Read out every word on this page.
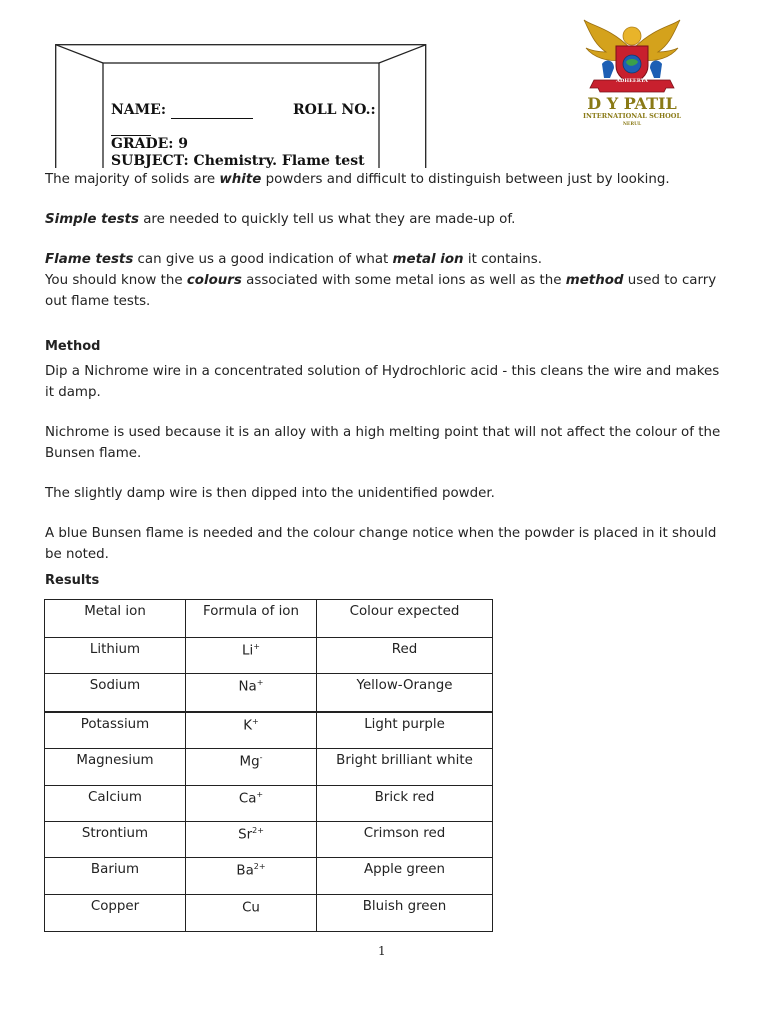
NAME:	ROLL NO.:

GRADE: 9
SUBJECT: Chemistry. Flame test
ADHEERYA
D Y PATIL
INTERNATIONAL SCHOOL
NERUL
The majority of solids are white powders and difficult to distinguish between just by looking.
Simple tests are needed to quickly tell us what they are made-up of.
Flame tests can give us a good indication of what metal ion it contains.
You should know the colours associated with some metal ions as well as the method used to carry out flame tests.
Method
Dip a Nichrome wire in a concentrated solution of Hydrochloric acid - this cleans the wire and makes it damp.
Nichrome is used because it is an alloy with a high melting point that will not affect the colour of the Bunsen flame.
The slightly damp wire is then dipped into the unidentified powder.
A blue Bunsen flame is needed and the colour change notice when the powder is placed in it should be noted.
Results
Metal ion	Formula of ion	Colour expected
Lithium	Li+	Red
Sodium	Na+	Yellow-Orange
Potassium	K+	Light purple
Magnesium	Mg-	Bright brilliant white
Calcium	Ca+	Brick red
Strontium	$Sr^{2+}$	Crimson red
Barium	$Ba^{2+}$	Apple green
Copper	Cu	Bluish green
1
